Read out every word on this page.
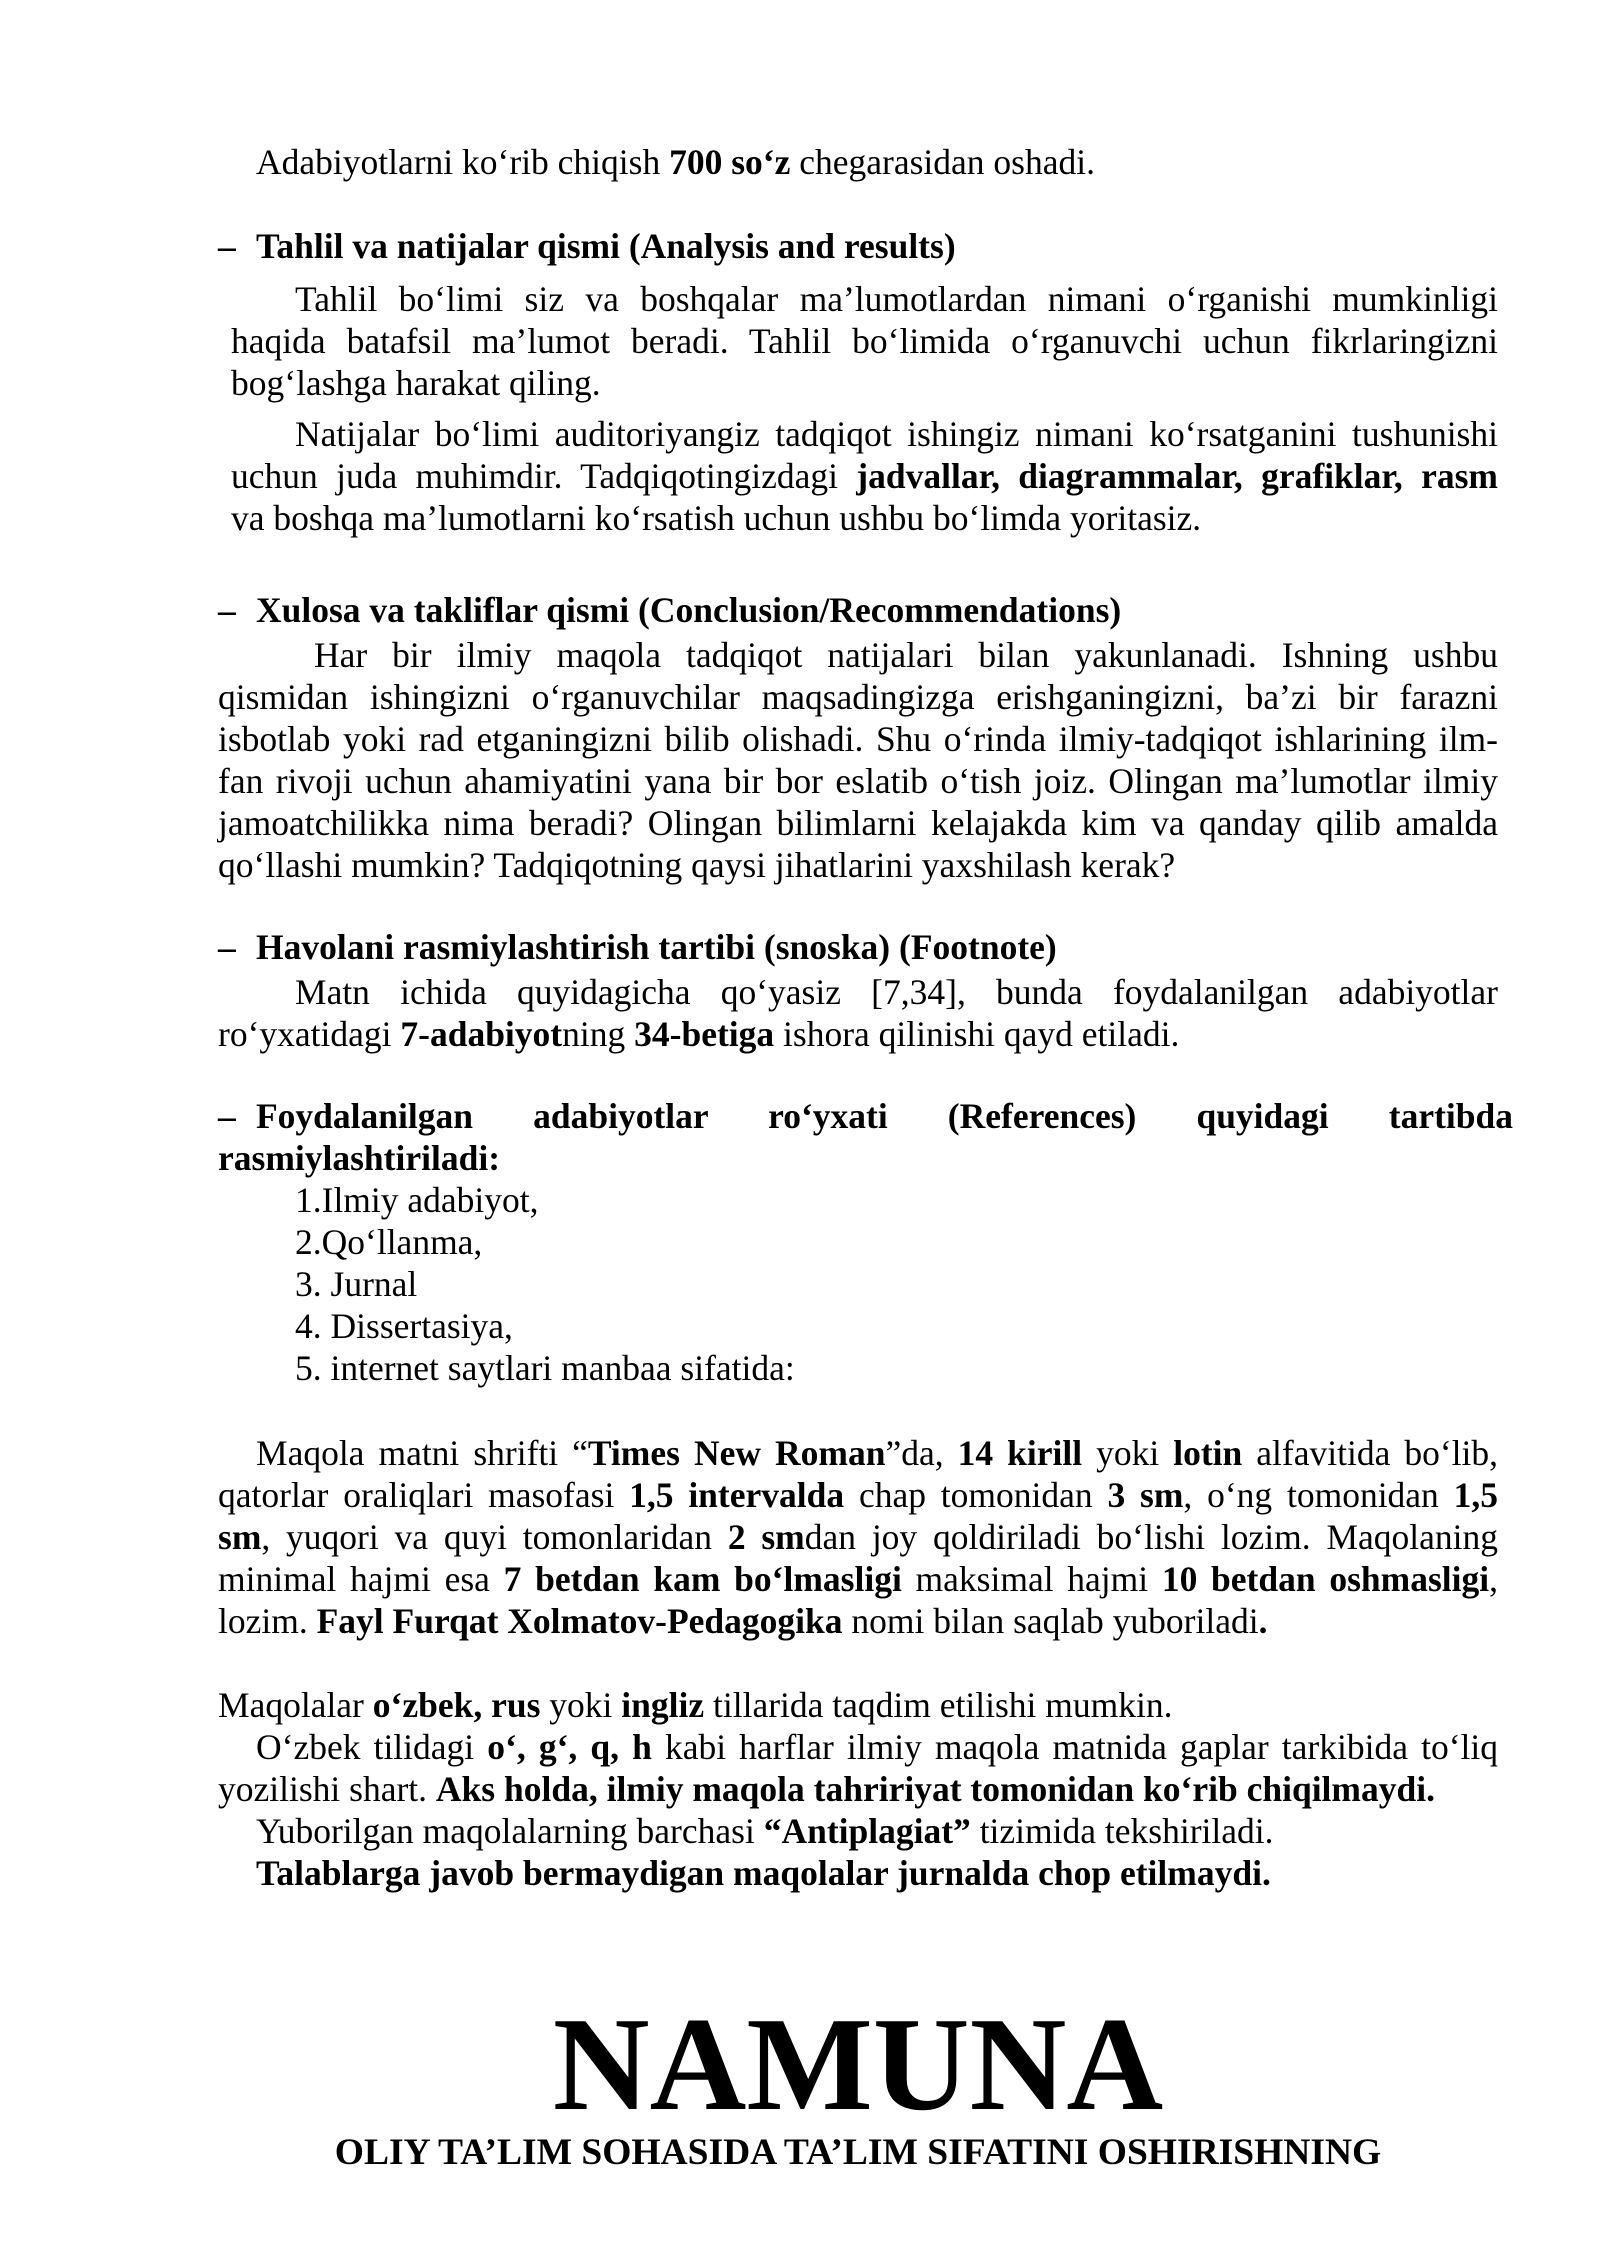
Adabiyotlarni ko‘rib chiqish 700 so‘z chegarasidan oshadi.
– Tahlil va natijalar qismi (Analysis and results)
Tahlil bo‘limi siz va boshqalar ma’lumotlardan nimani o‘rganishi mumkinligi
haqida batafsil ma’lumot beradi. Tahlil bo‘limida o‘rganuvchi uchun fikrlaringizni
bog‘lashga harakat qiling.
Natijalar bo‘limi auditoriyangiz tadqiqot ishingiz nimani ko‘rsatganini tushunishi
uchun juda muhimdir. Tadqiqotingizdagi jadvallar, diagrammalar, grafiklar, rasm
va boshqa ma’lumotlarni ko‘rsatish uchun ushbu bo‘limda yoritasiz.
– Xulosa va takliflar qismi (Conclusion/Recommendations)
Har bir ilmiy maqola tadqiqot natijalari bilan yakunlanadi. Ishning ushbu
qismidan ishingizni o‘rganuvchilar maqsadingizga erishganingizni, ba’zi bir farazni
isbotlab yoki rad etganingizni bilib olishadi. Shu o‘rinda ilmiy-tadqiqot ishlarining ilm-
fan rivoji uchun ahamiyatini yana bir bor eslatib o‘tish joiz. Olingan ma’lumotlar ilmiy
jamoatchilikka nima beradi? Olingan bilimlarni kelajakda kim va qanday qilib amalda
qo‘llashi mumkin? Tadqiqotning qaysi jihatlarini yaxshilash kerak?
– Havolani rasmiylashtirish tartibi (snoska) (Footnote)
Matn ichida quyidagicha qo‘yasiz [7,34], bunda foydalanilgan adabiyotlar
ro‘yxatidagi 7-adabiyotning 34-betiga ishora qilinishi qayd etiladi.
– Foydalanilgan adabiyotlar ro‘yxati (References) quyidagi tartibda
rasmiylashtiriladi:
1.Ilmiy adabiyot,
2.Qo‘llanma,
3. Jurnal
4. Dissertasiya,
5. internet saytlari manbaa sifatida:
Maqola matni shrifti “Times New Roman”da, 14 kirill yoki lotin alfavitida bo‘lib,
qatorlar oraliqlari masofasi 1,5 intervalda chap tomonidan 3 sm, o‘ng tomonidan 1,5
sm, yuqori va quyi tomonlaridan 2 smdan joy qoldiriladi bo‘lishi lozim. Maqolaning
minimal hajmi esa 7 betdan kam bo‘lmasligi maksimal hajmi 10 betdan oshmasligi,
lozim. Fayl Furqat Xolmatov-Pedagogika nomi bilan saqlab yuboriladi.
Maqolalar o‘zbek, rus yoki ingliz tillarida taqdim etilishi mumkin.
O‘zbek tilidagi o‘, g‘, q, h kabi harflar ilmiy maqola matnida gaplar tarkibida to‘liq
yozilishi shart. Aks holda, ilmiy maqola tahririyat tomonidan ko‘rib chiqilmaydi.
Yuborilgan maqolalarning barchasi “Antiplagiat” tizimida tekshiriladi.
Talablarga javob bermaydigan maqolalar jurnalda chop etilmaydi.
NAMUNA
OLIY TA’LIM SOHASIDA TA’LIM SIFATINI OSHIRISHNING
